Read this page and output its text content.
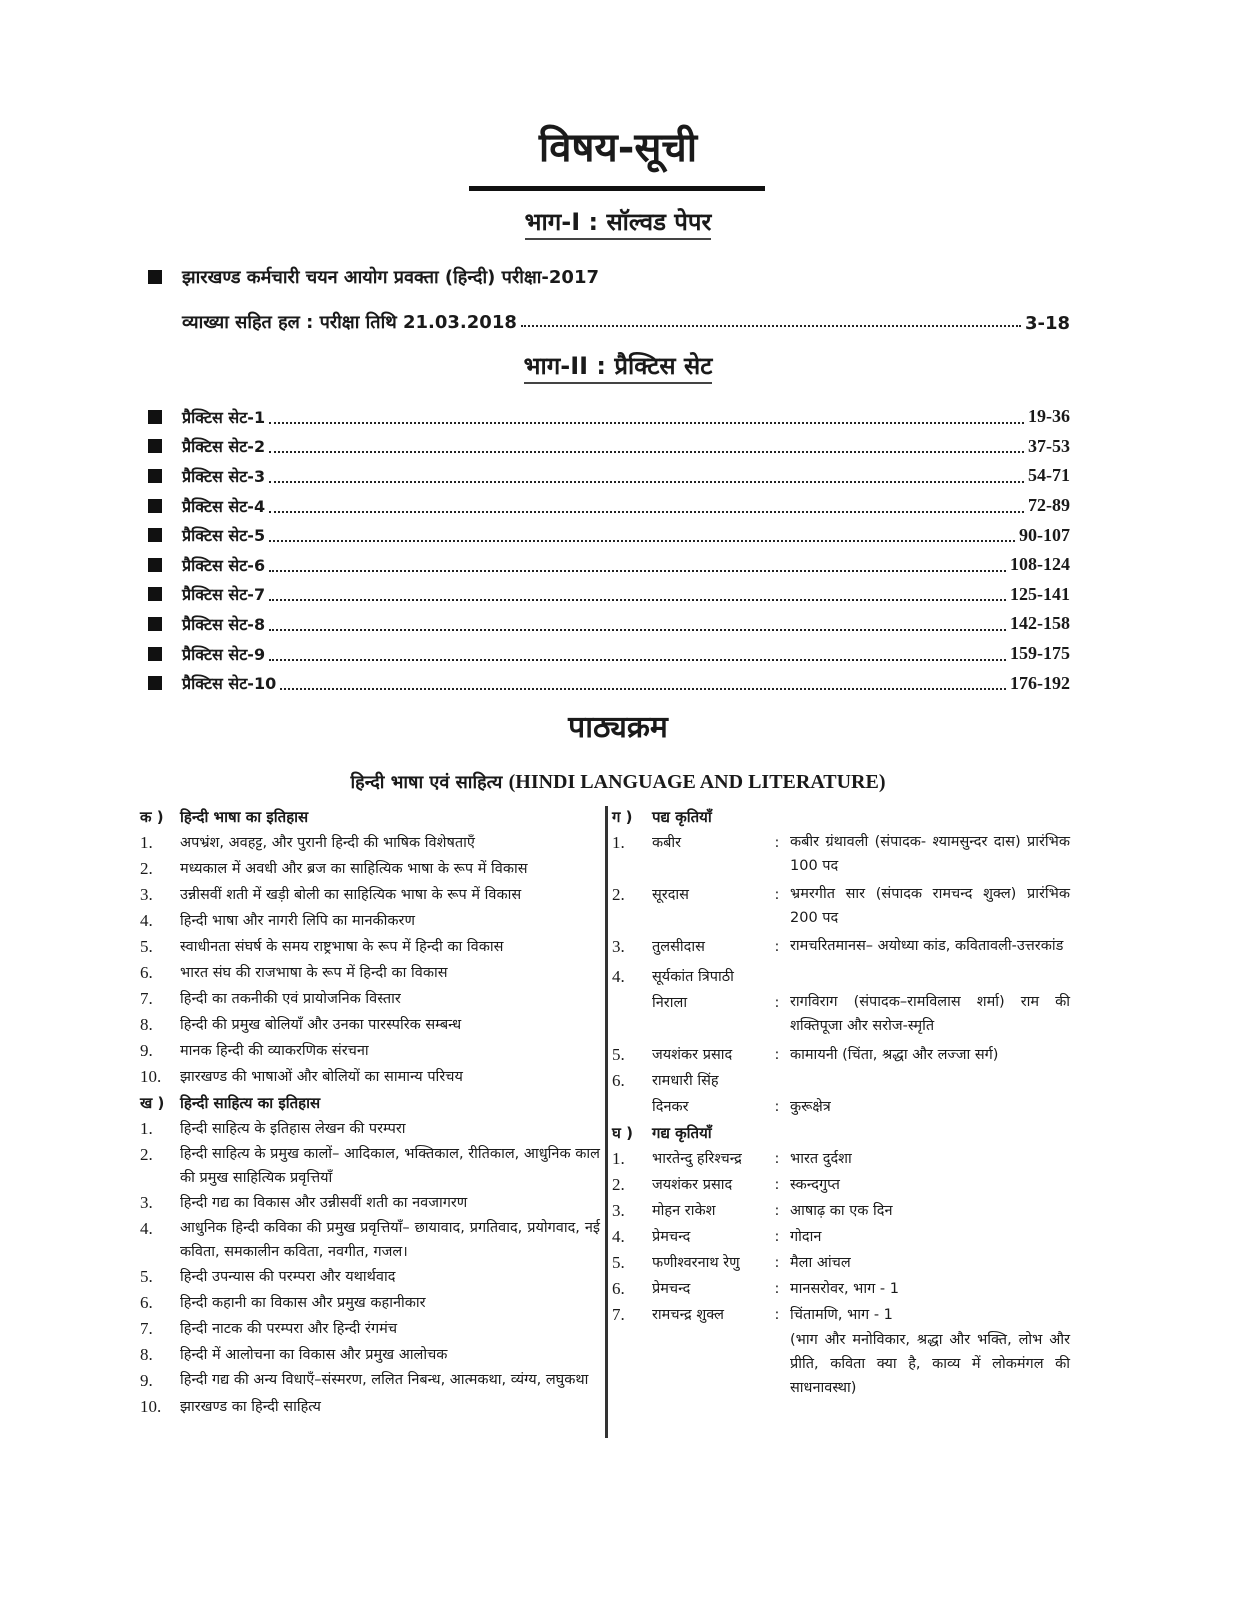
विषय-सूची
भाग-I : सॉल्वड पेपर
झारखण्ड कर्मचारी चयन आयोग प्रवक्ता (हिन्दी) परीक्षा-2017
व्याख्या सहित हल : परीक्षा तिथि 21.03.2018	3-18
भाग-II : प्रैक्टिस सेट
प्रैक्टिस सेट-1	19-36
प्रैक्टिस सेट-2	37-53
प्रैक्टिस सेट-3	54-71
प्रैक्टिस सेट-4	72-89
प्रैक्टिस सेट-5	90-107
प्रैक्टिस सेट-6	108-124
प्रैक्टिस सेट-7	125-141
प्रैक्टिस सेट-8	142-158
प्रैक्टिस सेट-9	159-175
प्रैक्टिस सेट-10	176-192
पाठ्यक्रम
हिन्दी भाषा एवं साहित्य (HINDI LANGUAGE AND LITERATURE)
क )	हिन्दी भाषा का इतिहास
1.	अपभ्रंश, अवहट्ट, और पुरानी हिन्दी की भाषिक विशेषताएँ
2.	मध्यकाल में अवधी और ब्रज का साहित्यिक भाषा के रूप में विकास
3.	उन्नीसवीं शती में खड़ी बोली का साहित्यिक भाषा के रूप में विकास
4.	हिन्दी भाषा और नागरी लिपि का मानकीकरण
5.	स्वाधीनता संघर्ष के समय राष्ट्रभाषा के रूप में हिन्दी का विकास
6.	भारत संघ की राजभाषा के रूप में हिन्दी का विकास
7.	हिन्दी का तकनीकी एवं प्रायोजनिक विस्तार
8.	हिन्दी की प्रमुख बोलियाँ और उनका पारस्परिक सम्बन्ध
9.	मानक हिन्दी की व्याकरणिक संरचना
10.	झारखण्ड की भाषाओं और बोलियों का सामान्य परिचय
ख )	हिन्दी साहित्य का इतिहास
1.	हिन्दी साहित्य के इतिहास लेखन की परम्परा
2.	हिन्दी साहित्य के प्रमुख कालों– आदिकाल, भक्तिकाल, रीतिकाल, आधुनिक काल की प्रमुख साहित्यिक प्रवृत्तियाँ
3.	हिन्दी गद्य का विकास और उन्नीसवीं शती का नवजागरण
4.	आधुनिक हिन्दी कविका की प्रमुख प्रवृत्तियाँ– छायावाद, प्रगतिवाद, प्रयोगवाद, नई कविता, समकालीन कविता, नवगीत, गजल।
5.	हिन्दी उपन्यास की परम्परा और यथार्थवाद
6.	हिन्दी कहानी का विकास और प्रमुख कहानीकार
7.	हिन्दी नाटक की परम्परा और हिन्दी रंगमंच
8.	हिन्दी में आलोचना का विकास और प्रमुख आलोचक
9.	हिन्दी गद्य की अन्य विधाएँ–संस्मरण, ललित निबन्ध, आत्मकथा, व्यंग्य, लघुकथा
10.	झारखण्ड का हिन्दी साहित्य
ग )	पद्य कृतियाँ
1.	कबीर	: कबीर ग्रंथावली (संपादक- श्यामसुन्दर दास) प्रारंभिक 100 पद
2.	सूरदास	: भ्रमरगीत सार (संपादक रामचन्द शुक्ल) प्रारंभिक 200 पद
3.	तुलसीदास	: रामचरितमानस– अयोध्या कांड, कवितावली-उत्तरकांड
4.	सूर्यकांत त्रिपाठी
निराला	: रागविराग (संपादक–रामविलास शर्मा) राम की शक्तिपूजा और सरोज-स्मृति
5.	जयशंकर प्रसाद	: कामायनी (चिंता, श्रद्धा और लज्जा सर्ग)
6.	रामधारी सिंह
दिनकर	: कुरूक्षेत्र
घ )	गद्य कृतियाँ
1.	भारतेन्दु हरिश्चन्द्र	: भारत दुर्दशा
2.	जयशंकर प्रसाद	: स्कन्दगुप्त
3.	मोहन राकेश	: आषाढ़ का एक दिन
4.	प्रेमचन्द	: गोदान
5.	फणीश्वरनाथ रेणु	: मैला आंचल
6.	प्रेमचन्द	: मानसरोवर, भाग - 1
7.	रामचन्द्र शुक्ल	: चिंतामणि, भाग - 1

(भाग और मनोविकार, श्रद्धा और भक्ति, लोभ और प्रीति, कविता क्या है, काव्य में लोकमंगल की साधनावस्था)
